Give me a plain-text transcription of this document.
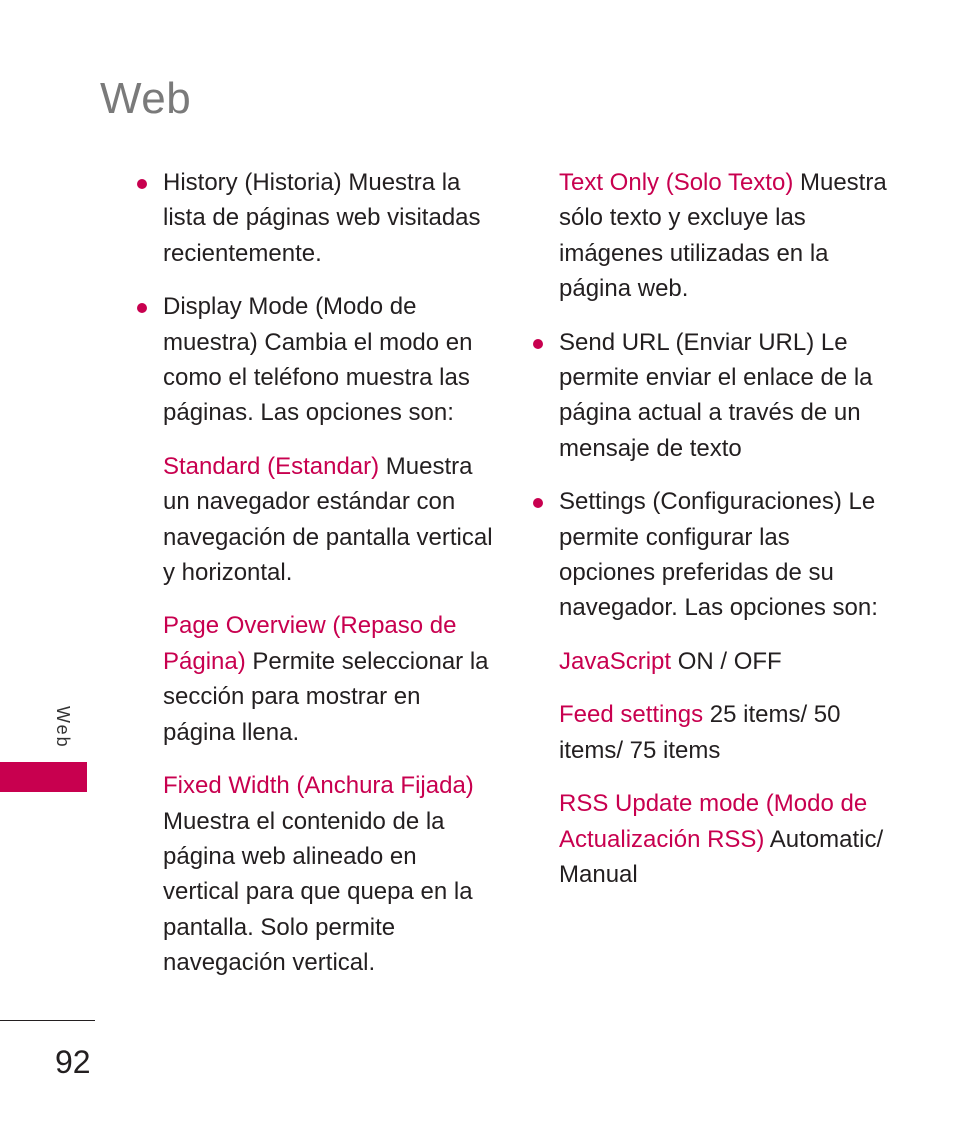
Web
History (Historia) Muestra la lista de páginas web visitadas recientemente.
Display Mode (Modo de muestra) Cambia el modo en como el teléfono muestra las páginas. Las opciones son:
Standard (Estandar) Muestra un navegador estándar con navegación de pantalla vertical y horizontal.
Page Overview (Repaso de Página) Permite seleccionar la sección para mostrar en página llena.
Fixed Width (Anchura Fijada) Muestra el contenido de la página web alineado en vertical para que quepa en la pantalla. Solo permite navegación vertical.
Text Only (Solo Texto) Muestra sólo texto y excluye las imágenes utilizadas en la página web.
Send URL (Enviar URL) Le permite enviar el enlace de la página actual a través de un mensaje de texto
Settings (Configuraciones) Le permite configurar las opciones preferidas de su navegador. Las opciones son:
JavaScript ON / OFF
Feed settings 25 items/ 50 items/ 75 items
RSS Update mode (Modo de Actualización RSS) Automatic/ Manual
Web
92
